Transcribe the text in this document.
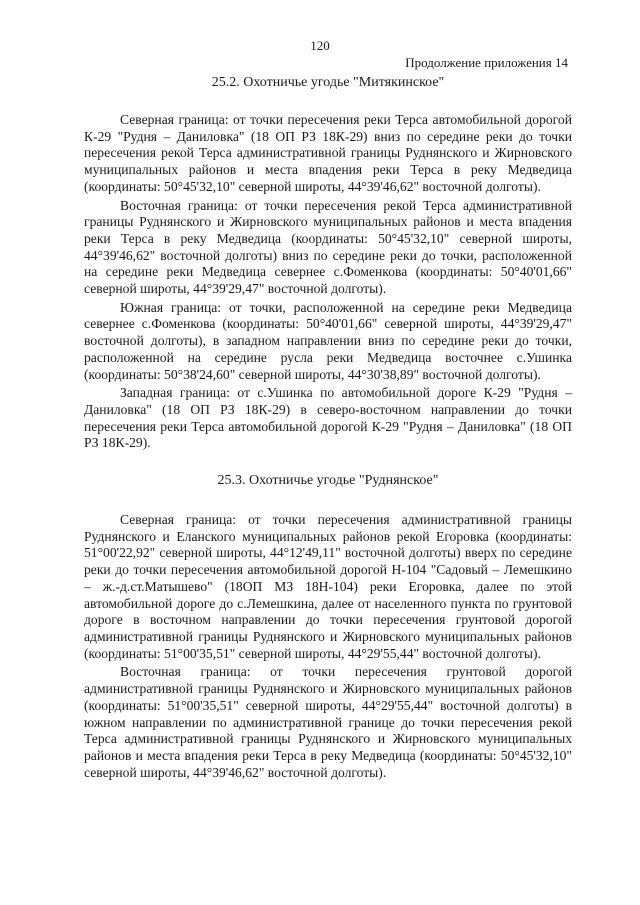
120
Продолжение приложения 14
25.2. Охотничье угодье "Митякинское"

Северная граница: от точки пересечения реки Терса автомобильной дорогой К-29 "Рудня – Даниловка" (18 ОП РЗ 18К-29) вниз по середине реки до точки пересечения рекой Терса административной границы Руднянского и Жирновского муниципальных районов и места впадения реки Терса в реку Медведица (координаты: 50°45'32,10" северной широты, 44°39'46,62" восточной долготы).

Восточная граница: от точки пересечения рекой Терса административной границы Руднянского и Жирновского муниципальных районов и места впадения реки Терса в реку Медведица (координаты: 50°45'32,10" северной широты, 44°39'46,62" восточной долготы) вниз по середине реки до точки, расположенной на середине реки Медведица севернее с.Фоменкова (координаты: 50°40'01,66" северной широты, 44°39'29,47" восточной долготы).

Южная граница: от точки, расположенной на середине реки Медведица севернее с.Фоменкова (координаты: 50°40'01,66" северной широты, 44°39'29,47" восточной долготы), в западном направлении вниз по середине реки до точки, расположенной на середине русла реки Медведица восточнее с.Ушинка (координаты: 50°38'24,60" северной широты, 44°30'38,89" восточной долготы).

Западная граница: от с.Ушинка по автомобильной дороге К-29 "Рудня – Даниловка" (18 ОП РЗ 18К-29) в северо-восточном направлении до точки пересечения реки Терса автомобильной дорогой К-29 "Рудня – Даниловка" (18 ОП РЗ 18К-29).

25.3. Охотничье угодье "Руднянское"

Северная граница: от точки пересечения административной границы Руднянского и Еланского муниципальных районов рекой Егоровка (координаты: 51°00'22,92" северной широты, 44°12'49,11" восточной долготы) вверх по середине реки до точки пересечения автомобильной дорогой Н-104 "Садовый – Лемешкино – ж.-д.ст.Матышево" (18ОП МЗ 18Н-104) реки Егоровка, далее по этой автомобильной дороге до с.Лемешкина, далее от населенного пункта по грунтовой дороге в восточном направлении до точки пересечения грунтовой дорогой административной границы Руднянского и Жирновского муниципальных районов (координаты: 51°00'35,51" северной широты, 44°29'55,44" восточной долготы).

Восточная граница: от точки пересечения грунтовой дорогой административной границы Руднянского и Жирновского муниципальных районов (координаты: 51°00'35,51" северной широты, 44°29'55,44" восточной долготы) в южном направлении по административной границе до точки пересечения рекой Терса административной границы Руднянского и Жирновского муниципальных районов и места впадения реки Терса в реку Медведица (координаты: 50°45'32,10" северной широты, 44°39'46,62" восточной долготы).
